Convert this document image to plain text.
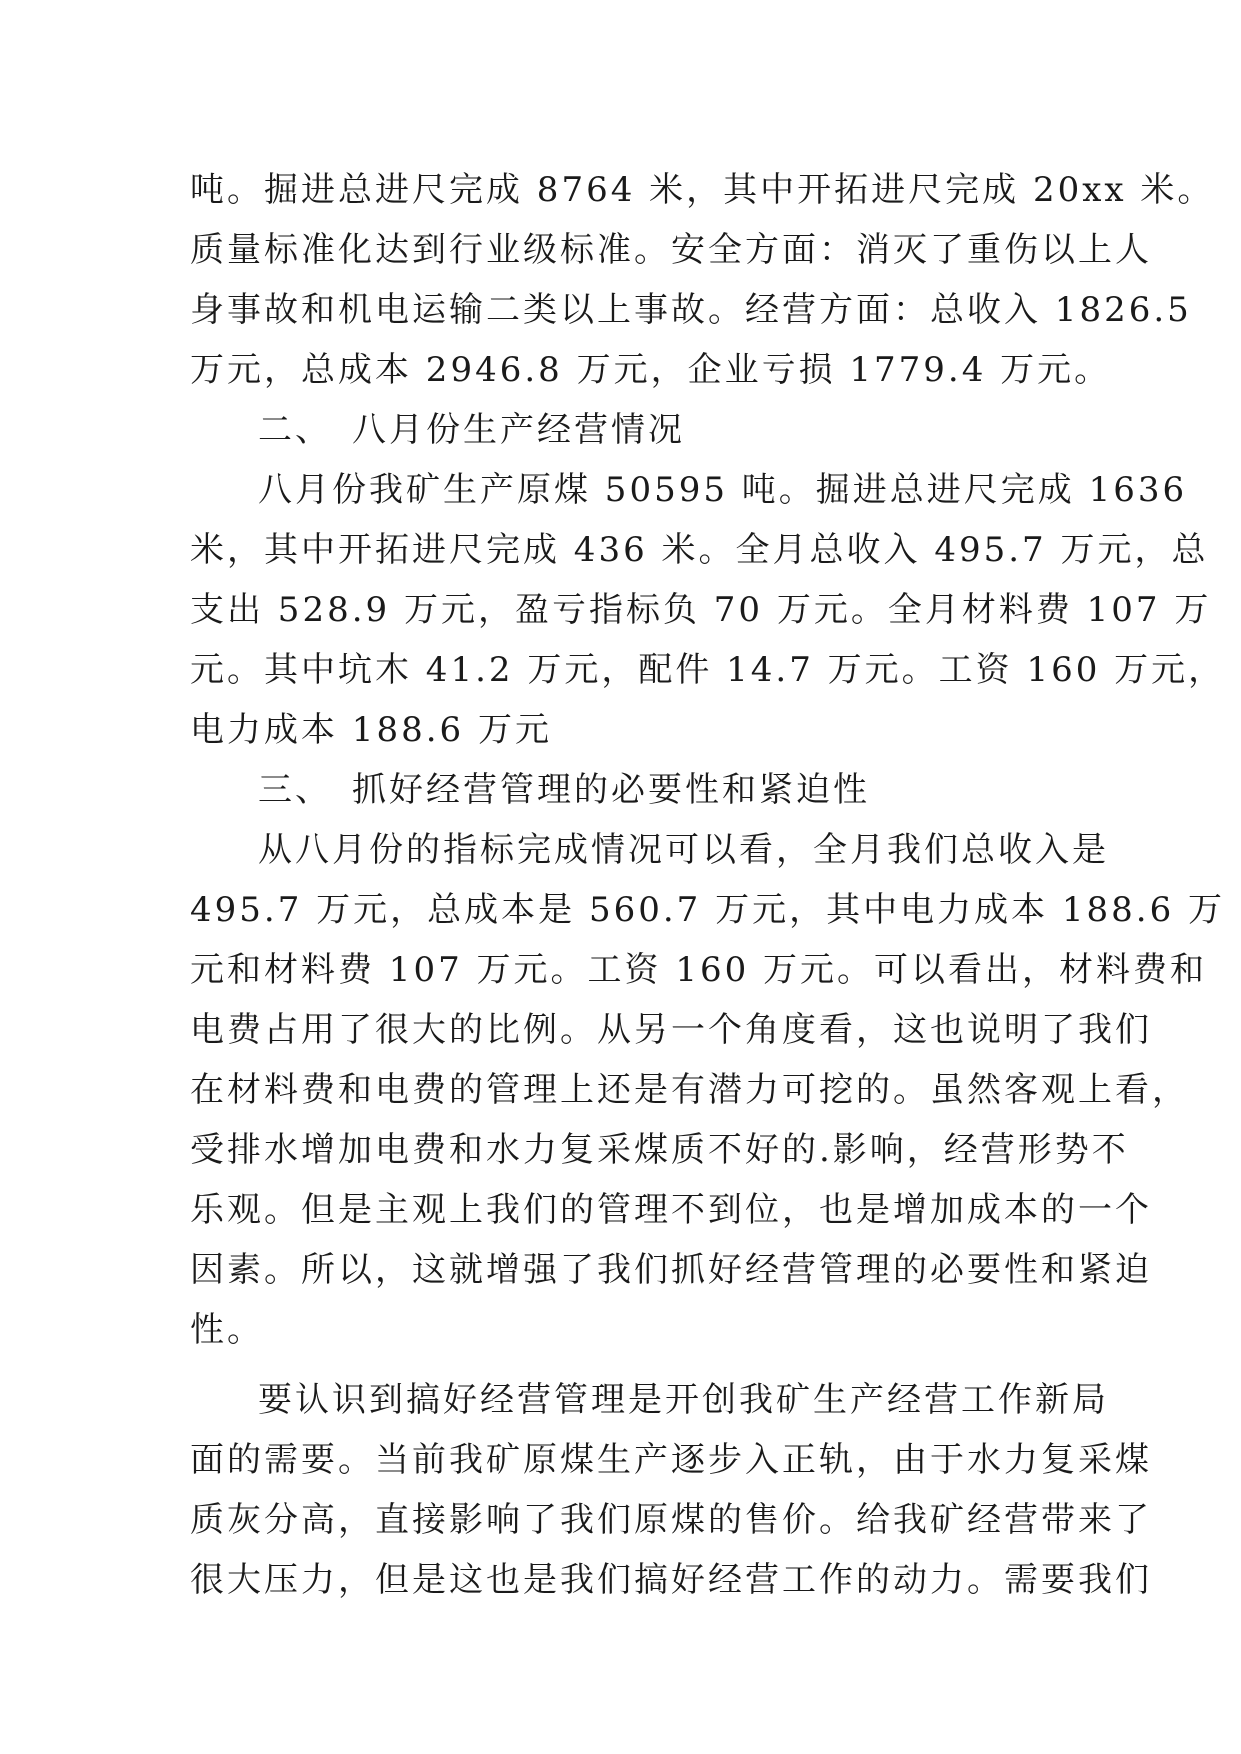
吨。掘进总进尺完成 8764 米，其中开拓进尺完成 20xx 米。
质量标准化达到行业级标准。安全方面：消灭了重伤以上人
身事故和机电运输二类以上事故。经营方面：总收入 1826.5
万元，总成本 2946.8 万元，企业亏损 1779.4 万元。
二、　八月份生产经营情况
八月份我矿生产原煤 50595 吨。掘进总进尺完成 1636
米，其中开拓进尺完成 436 米。全月总收入 495.7 万元，总
支出 528.9 万元，盈亏指标负 70 万元。全月材料费 107 万
元。其中坑木 41.2 万元，配件 14.7 万元。工资 160 万元，
电力成本 188.6 万元
三、　抓好经营管理的必要性和紧迫性
从八月份的指标完成情况可以看，全月我们总收入是
495.7 万元，总成本是 560.7 万元，其中电力成本 188.6 万
元和材料费 107 万元。工资 160 万元。可以看出，材料费和
电费占用了很大的比例。从另一个角度看，这也说明了我们
在材料费和电费的管理上还是有潜力可挖的。虽然客观上看，
受排水增加电费和水力复采煤质不好的.影响，经营形势不
乐观。但是主观上我们的管理不到位，也是增加成本的一个
因素。所以，这就增强了我们抓好经营管理的必要性和紧迫
性。
要认识到搞好经营管理是开创我矿生产经营工作新局
面的需要。当前我矿原煤生产逐步入正轨，由于水力复采煤
质灰分高，直接影响了我们原煤的售价。给我矿经营带来了
很大压力，但是这也是我们搞好经营工作的动力。需要我们
